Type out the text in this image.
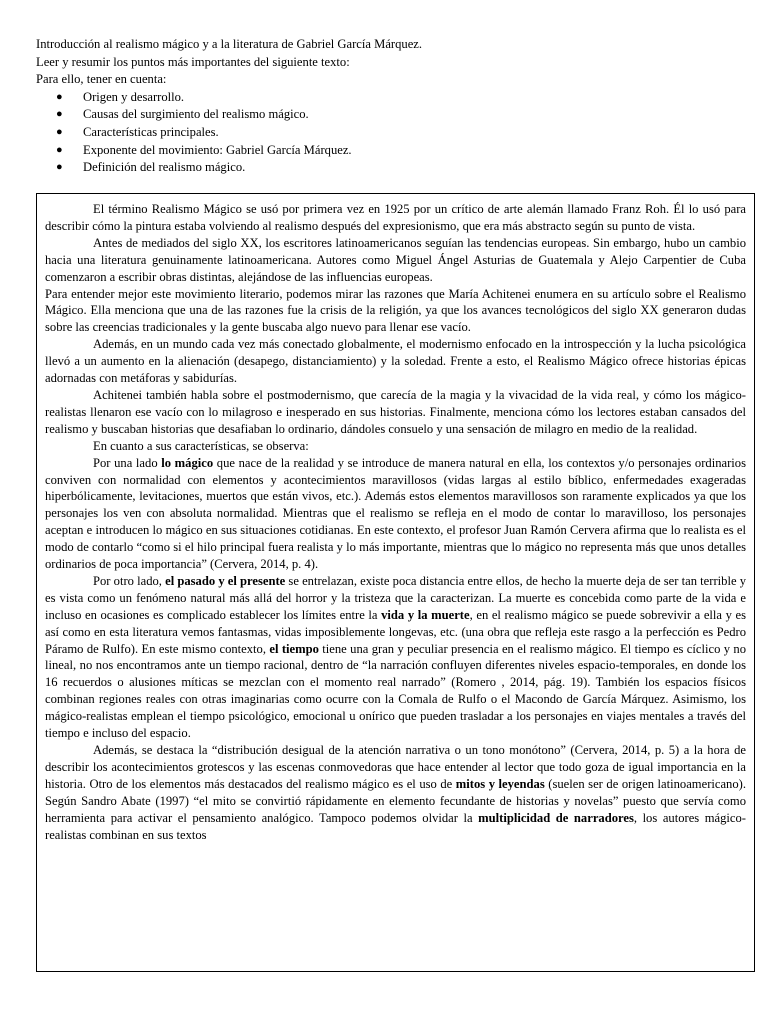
Introducción al realismo mágico y a la literatura de Gabriel García Márquez.

Leer y resumir los puntos más importantes del siguiente texto:

Para ello, tener en cuenta:

● Origen y desarrollo.
● Causas del surgimiento del realismo mágico.
● Características principales.
● Exponente del movimiento: Gabriel García Márquez.
● Definición del realismo mágico.

El término Realismo Mágico se usó por primera vez en 1925 por un crítico de arte alemán llamado Franz Roh. Él lo usó para describir cómo la pintura estaba volviendo al realismo después del expresionismo, que era más abstracto según su punto de vista.

Antes de mediados del siglo XX, los escritores latinoamericanos seguían las tendencias europeas. Sin embargo, hubo un cambio hacia una literatura genuinamente latinoamericana. Autores como Miguel Ángel Asturias de Guatemala y Alejo Carpentier de Cuba comenzaron a escribir obras distintas, alejándose de las influencias europeas.

Para entender mejor este movimiento literario, podemos mirar las razones que María Achitenei enumera en su artículo sobre el Realismo Mágico. Ella menciona que una de las razones fue la crisis de la religión, ya que los avances tecnológicos del siglo XX generaron dudas sobre las creencias tradicionales y la gente buscaba algo nuevo para llenar ese vacío.

Además, en un mundo cada vez más conectado globalmente, el modernismo enfocado en la introspección y la lucha psicológica llevó a un aumento en la alienación (desapego, distanciamiento) y la soledad. Frente a esto, el Realismo Mágico ofrece historias épicas adornadas con metáforas y sabidurías.

Achitenei también habla sobre el postmodernismo, que carecía de la magia y la vivacidad de la vida real, y cómo los mágico-realistas llenaron ese vacío con lo milagroso e inesperado en sus historias. Finalmente, menciona cómo los lectores estaban cansados del realismo y buscaban historias que desafiaban lo ordinario, dándoles consuelo y una sensación de milagro en medio de la realidad.

En cuanto a sus características, se observa:

Por una lado lo mágico que nace de la realidad y se introduce de manera natural en ella, los contextos y/o personajes ordinarios conviven con normalidad con elementos y acontecimientos maravillosos (vidas largas al estilo bíblico, enfermedades exageradas hiperbólicamente, levitaciones, muertos que están vivos, etc.). Además estos elementos maravillosos son raramente explicados ya que los personajes los ven con absoluta normalidad. Mientras que el realismo se refleja en el modo de contar lo maravilloso, los personajes aceptan e introducen lo mágico en sus situaciones cotidianas. En este contexto, el profesor Juan Ramón Cervera afirma que lo realista es el modo de contarlo “como si el hilo principal fuera realista y lo más importante, mientras que lo mágico no representa más que unos detalles ordinarios de poca importancia” (Cervera, 2014, p. 4).

Por otro lado, el pasado y el presente se entrelazan, existe poca distancia entre ellos, de hecho la muerte deja de ser tan terrible y es vista como un fenómeno natural más allá del horror y la tristeza que la caracterizan. La muerte es concebida como parte de la vida e incluso en ocasiones es complicado establecer los límites entre la vida y la muerte, en el realismo mágico se puede sobrevivir a ella y es así como en esta literatura vemos fantasmas, vidas imposiblemente longevas, etc. (una obra que refleja este rasgo a la perfección es Pedro Páramo de Rulfo). En este mismo contexto, el tiempo tiene una gran y peculiar presencia en el realismo mágico. El tiempo es cíclico y no lineal, no nos encontramos ante un tiempo racional, dentro de “la narración confluyen diferentes niveles espacio-temporales, en donde los 16 recuerdos o alusiones míticas se mezclan con el momento real narrado” (Romero , 2014, pág. 19). También los espacios físicos combinan regiones reales con otras imaginarias como ocurre con la Comala de Rulfo o el Macondo de García Márquez. Asimismo, los mágico-realistas emplean el tiempo psicológico, emocional u onírico que pueden trasladar a los personajes en viajes mentales a través del tiempo e incluso del espacio.

Además, se destaca la “distribución desigual de la atención narrativa o un tono monótono” (Cervera, 2014, p. 5) a la hora de describir los acontecimientos grotescos y las escenas conmovedoras que hace entender al lector que todo goza de igual importancia en la historia. Otro de los elementos más destacados del realismo mágico es el uso de mitos y leyendas (suelen ser de origen latinoamericano). Según Sandro Abate (1997) “el mito se convirtió rápidamente en elemento fecundante de historias y novelas” puesto que servía como herramienta para activar el pensamiento analógico. Tampoco podemos olvidar la multiplicidad de narradores, los autores mágico-realistas combinan en sus textos
